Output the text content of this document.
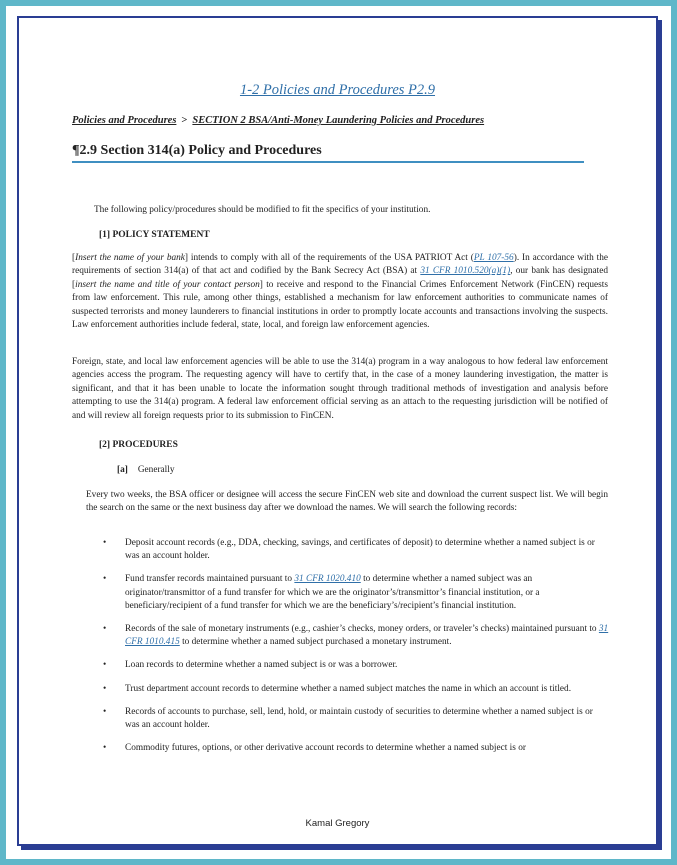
1-2 Policies and Procedures P2.9
Policies and Procedures > SECTION 2 BSA/Anti-Money Laundering Policies and Procedures
¶2.9 Section 314(a) Policy and Procedures
The following policy/procedures should be modified to fit the specifics of your institution.
[1] POLICY STATEMENT
[Insert the name of your bank] intends to comply with all of the requirements of the USA PATRIOT Act (PL 107-56). In accordance with the requirements of section 314(a) of that act and codified by the Bank Secrecy Act (BSA) at 31 CFR 1010.520(a)(1), our bank has designated [insert the name and title of your contact person] to receive and respond to the Financial Crimes Enforcement Network (FinCEN) requests from law enforcement. This rule, among other things, established a mechanism for law enforcement authorities to communicate names of suspected terrorists and money launderers to financial institutions in order to promptly locate accounts and transactions involving the suspects. Law enforcement authorities include federal, state, local, and foreign law enforcement agencies.
Foreign, state, and local law enforcement agencies will be able to use the 314(a) program in a way analogous to how federal law enforcement agencies access the program. The requesting agency will have to certify that, in the case of a money laundering investigation, the matter is significant, and that it has been unable to locate the information sought through traditional methods of investigation and analysis before attempting to use the 314(a) program. A federal law enforcement official serving as an attach to the requesting jurisdiction will be notified of and will review all foreign requests prior to its submission to FinCEN.
[2] PROCEDURES
[a] Generally
Every two weeks, the BSA officer or designee will access the secure FinCEN web site and download the current suspect list. We will begin the search on the same or the next business day after we download the names. We will search the following records:
• Deposit account records (e.g., DDA, checking, savings, and certificates of deposit) to determine whether a named subject is or was an account holder.
• Fund transfer records maintained pursuant to 31 CFR 1020.410 to determine whether a named subject was an originator/transmittor of a fund transfer for which we are the originator’s/transmittor’s financial institution, or a beneficiary/recipient of a fund transfer for which we are the beneficiary’s/recipient’s financial institution.
• Records of the sale of monetary instruments (e.g., cashier’s checks, money orders, or traveler’s checks) maintained pursuant to 31 CFR 1010.415 to determine whether a named subject purchased a monetary instrument.
• Loan records to determine whether a named subject is or was a borrower.
• Trust department account records to determine whether a named subject matches the name in which an account is titled.
• Records of accounts to purchase, sell, lend, hold, or maintain custody of securities to determine whether a named subject is or was an account holder.
• Commodity futures, options, or other derivative account records to determine whether a named subject is or
Kamal Gregory
